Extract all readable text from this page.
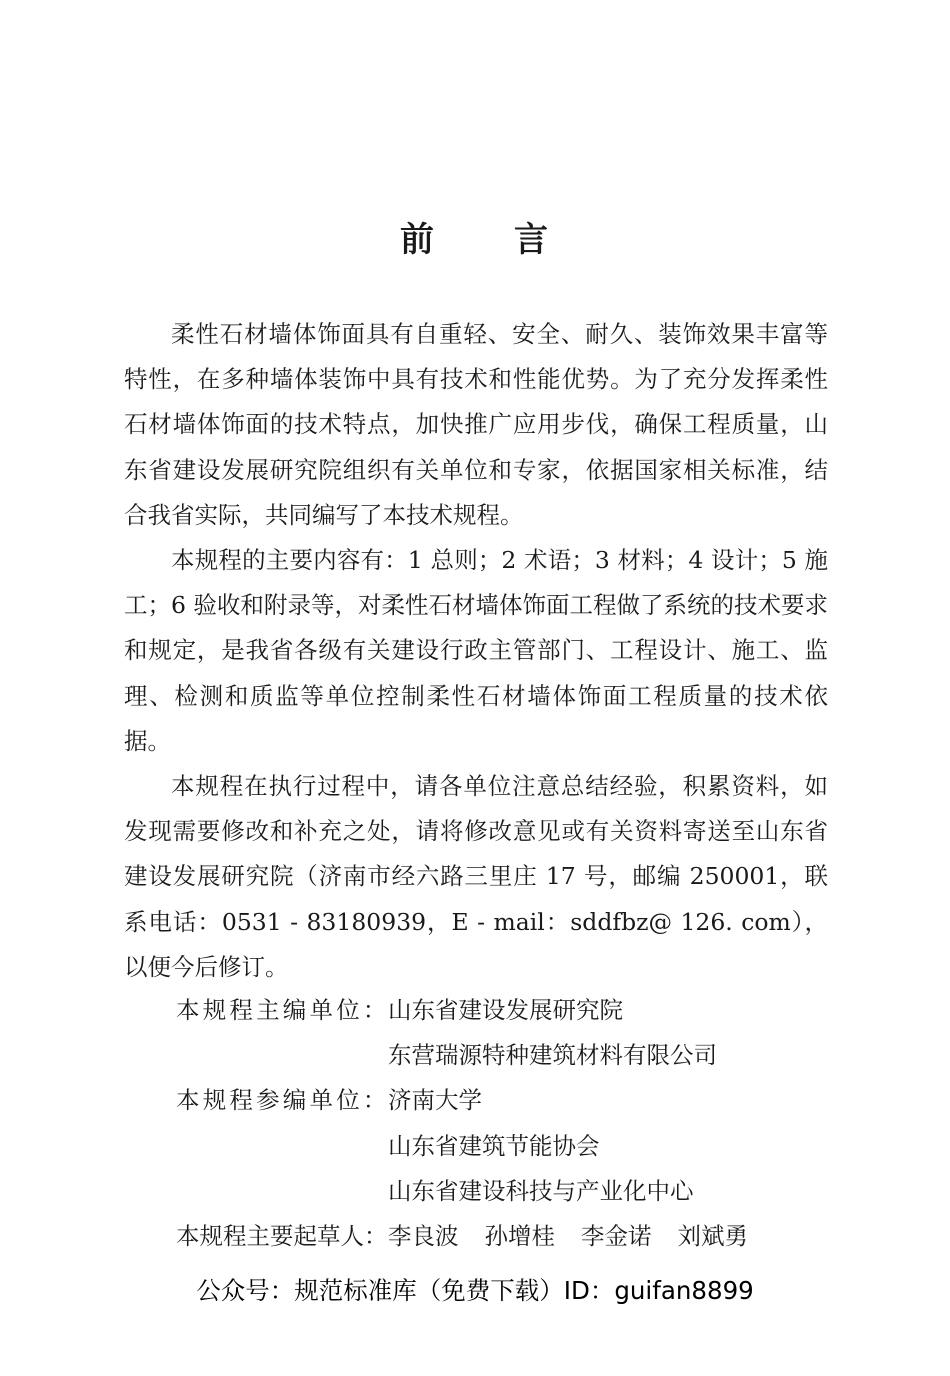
前 言

柔性石材墙体饰面具有自重轻、安全、耐久、装饰效果丰富等特性，在多种墙体装饰中具有技术和性能优势。为了充分发挥柔性石材墙体饰面的技术特点，加快推广应用步伐，确保工程质量，山东省建设发展研究院组织有关单位和专家，依据国家相关标准，结合我省实际，共同编写了本技术规程。

本规程的主要内容有：1 总则；2 术语；3 材料；4 设计；5 施工；6 验收和附录等，对柔性石材墙体饰面工程做了系统的技术要求和规定，是我省各级有关建设行政主管部门、工程设计、施工、监理、检测和质监等单位控制柔性石材墙体饰面工程质量的技术依据。

本规程在执行过程中，请各单位注意总结经验，积累资料，如发现需要修改和补充之处，请将修改意见或有关资料寄送至山东省建设发展研究院（济南市经六路三里庄 17 号，邮编 250001，联系电话：0531 - 83180939，E - mail：sddfbz@ 126. com），以便今后修订。

本规程主编单位：
山东省建设发展研究院
东营瑞源特种建筑材料有限公司
本规程参编单位：
济南大学
山东省建筑节能协会
山东省建设科技与产业化中心
本规程主要起草人： 李良波 孙增桂 李金诺 刘斌勇
公众号：规范标准库（免费下载）ID：guifan8899
